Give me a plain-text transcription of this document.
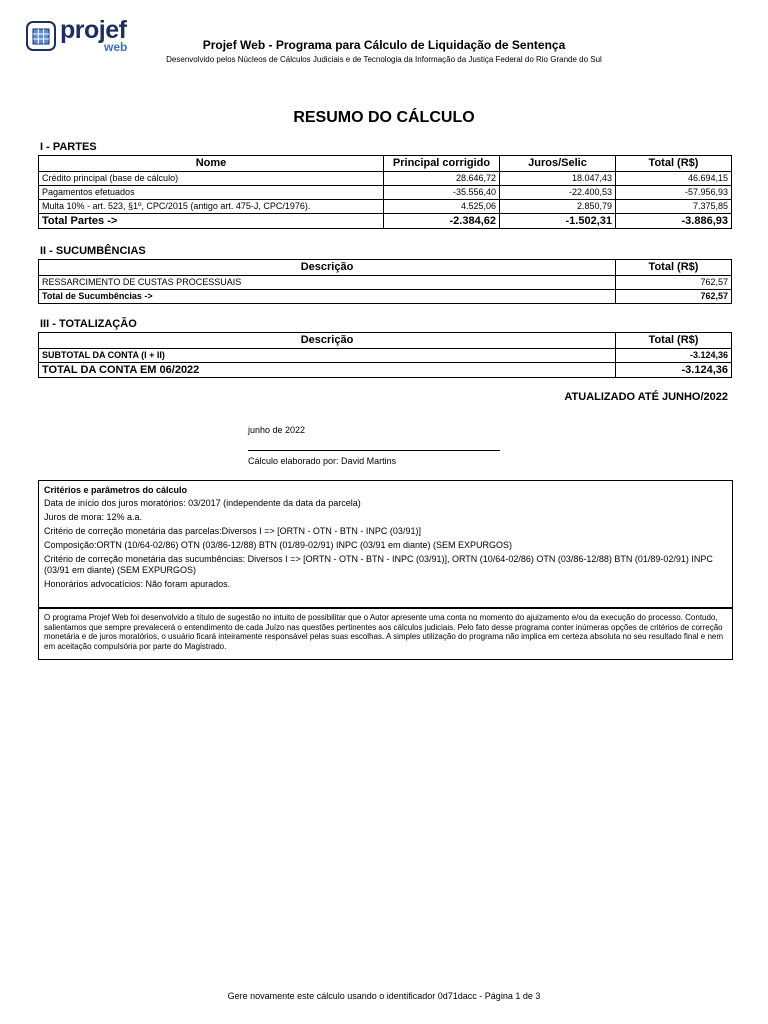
projef
web	Projef Web - Programa para Cálculo de Liquidação de Sentença
Desenvolvido pelos Núcleos de Cálculos Judiciais e de Tecnologia da Informação da Justiça Federal do Rio Grande do Sul
RESUMO DO CÁLCULO
I - PARTES
Nome	Principal corrigido	Juros/Selic	Total (R$)
Crédito principal (base de cálculo)	28.646,72	18.047,43	46.694,15
Pagamentos efetuados	-35.556,40	-22.400,53	-57.956,93
Multa 10% - art. 523, §1º, CPC/2015 (antigo art. 475-J, CPC/1976).	4.525,06	2.850,79	7.375,85
Total Partes ->	-2.384,62	-1.502,31	-3.886,93
II - SUCUMBÊNCIAS
Descrição	Total (R$)
RESSARCIMENTO DE CUSTAS PROCESSUAIS	762,57
Total de Sucumbências ->	762,57
III - TOTALIZAÇÃO
Descrição	Total (R$)
SUBTOTAL DA CONTA (I + II)	-3.124,36
TOTAL DA CONTA EM 06/2022	-3.124,36
ATUALIZADO ATÉ JUNHO/2022
junho de 2022
Cálculo elaborado por: David Martins
Critérios e parâmetros do cálculo
Data de início dos juros moratórios: 03/2017 (independente da data da parcela)
Juros de mora: 12% a.a.
Critério de correção monetária das parcelas:Diversos I => [ORTN - OTN - BTN - INPC (03/91)]
Composição:ORTN (10/64-02/86) OTN (03/86-12/88) BTN (01/89-02/91) INPC (03/91 em diante) (SEM EXPURGOS)
Critério de correção monetária das sucumbências: Diversos I => [ORTN - OTN - BTN - INPC (03/91)], ORTN (10/64-02/86) OTN (03/86-12/88) BTN (01/89-02/91) INPC (03/91 em diante) (SEM EXPURGOS)
Honorários advocatícios: Não foram apurados.
O programa Projef Web foi desenvolvido a título de sugestão no intuito de possibilitar que o Autor apresente uma conta no momento do ajuizamento e/ou da execução do processo. Contudo, salientamos que sempre prevalecerá o entendimento de cada Juízo nas questões pertinentes aos cálculos judiciais. Pelo fato desse programa conter inúmeras opções de critérios de correção monetária e de juros moratórios, o usuário ficará inteiramente responsável pelas suas escolhas. A simples utilização do programa não implica em certeza absoluta no seu resultado final e nem em aceitação compulsória por parte do Magistrado.
Gere novamente este cálculo usando o identificador 0d71dacc - Página 1 de 3
